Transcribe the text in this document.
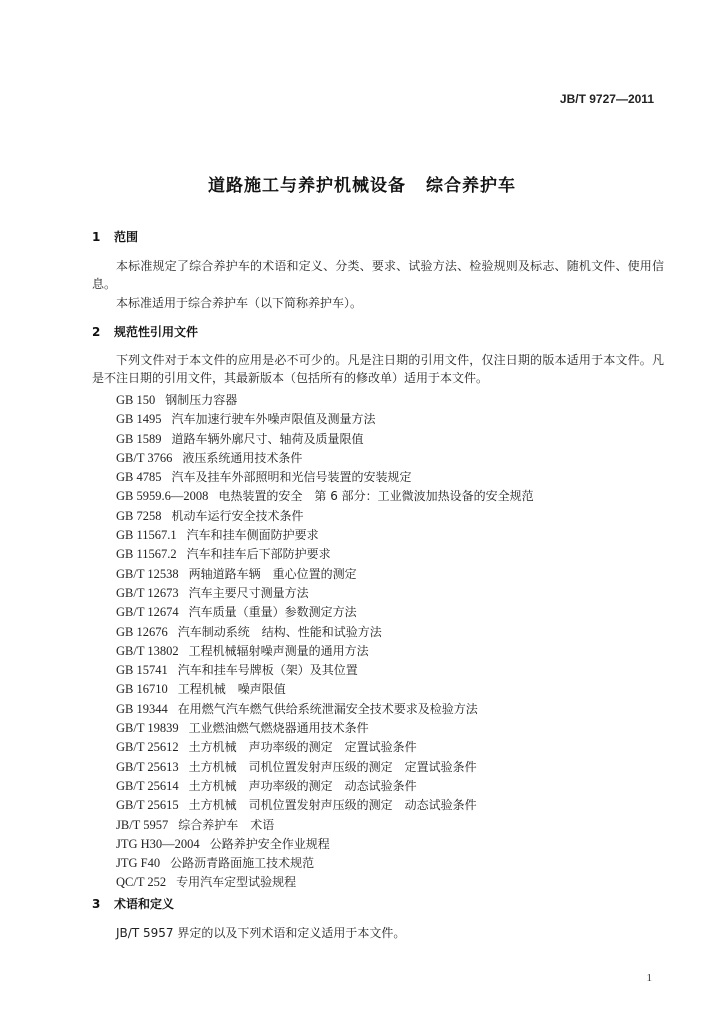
JB/T 9727—2011
道路施工与养护机械设备 综合养护车
1 范围
本标准规定了综合养护车的术语和定义、分类、要求、试验方法、检验规则及标志、随机文件、使用信息。
本标准适用于综合养护车（以下简称养护车）。
2 规范性引用文件
下列文件对于本文件的应用是必不可少的。凡是注日期的引用文件，仅注日期的版本适用于本文件。凡是不注日期的引用文件，其最新版本（包括所有的修改单）适用于本文件。
GB 150 钢制压力容器
GB 1495 汽车加速行驶车外噪声限值及测量方法
GB 1589 道路车辆外廓尺寸、轴荷及质量限值
GB/T 3766 液压系统通用技术条件
GB 4785 汽车及挂车外部照明和光信号装置的安装规定
GB 5959.6—2008 电热装置的安全　第 6 部分：工业微波加热设备的安全规范
GB 7258 机动车运行安全技术条件
GB 11567.1 汽车和挂车侧面防护要求
GB 11567.2 汽车和挂车后下部防护要求
GB/T 12538 两轴道路车辆　重心位置的测定
GB/T 12673 汽车主要尺寸测量方法
GB/T 12674 汽车质量（重量）参数测定方法
GB 12676 汽车制动系统　结构、性能和试验方法
GB/T 13802 工程机械辐射噪声测量的通用方法
GB 15741 汽车和挂车号牌板（架）及其位置
GB 16710 工程机械　噪声限值
GB 19344 在用燃气汽车燃气供给系统泄漏安全技术要求及检验方法
GB/T 19839 工业燃油燃气燃烧器通用技术条件
GB/T 25612 土方机械　声功率级的测定　定置试验条件
GB/T 25613 土方机械　司机位置发射声压级的测定　定置试验条件
GB/T 25614 土方机械　声功率级的测定　动态试验条件
GB/T 25615 土方机械　司机位置发射声压级的测定　动态试验条件
JB/T 5957 综合养护车　术语
JTG H30—2004 公路养护安全作业规程
JTG F40 公路沥青路面施工技术规范
QC/T 252 专用汽车定型试验规程
3 术语和定义
JB/T 5957 界定的以及下列术语和定义适用于本文件。
1
